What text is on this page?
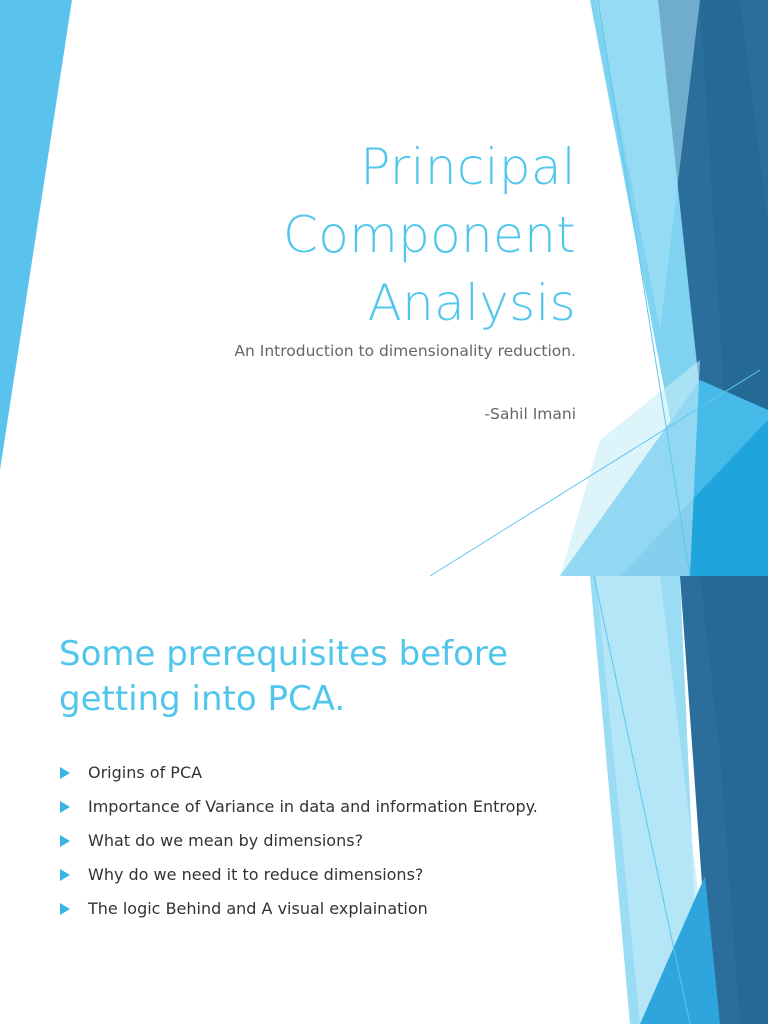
Principal
Component
Analysis
An Introduction to dimensionality reduction.
-Sahil Imani
Some prerequisites before
getting into PCA.
Origins of PCA
Importance of Variance in data and information Entropy.
What do we mean by dimensions?
Why do we need it to reduce dimensions?
The logic Behind and A visual explaination
